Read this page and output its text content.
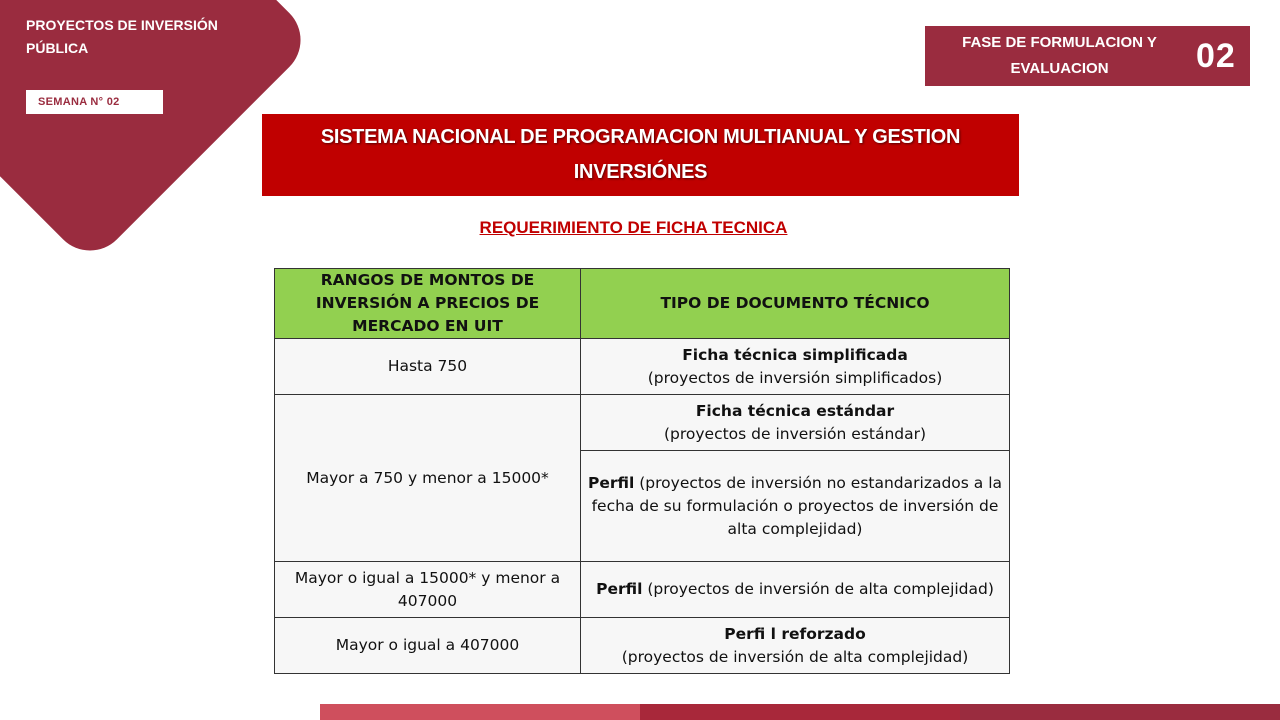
PROYECTOS DE INVERSIÓN PÚBLICA
SEMANA N° 02
FASE DE FORMULACION Y EVALUACION	02
SISTEMA NACIONAL DE PROGRAMACION MULTIANUAL Y GESTION INVERSIÓNES
REQUERIMIENTO DE FICHA TECNICA
RANGOS DE MONTOS DE INVERSIÓN A PRECIOS DE MERCADO EN UIT	TIPO DE DOCUMENTO TÉCNICO
Hasta 750	Ficha técnica simplificada
(proyectos de inversión simplificados)
Mayor a 750 y menor a 15000*	Ficha técnica estándar
(proyectos de inversión estándar)
	Perfil (proyectos de inversión no estandarizados a la fecha de su formulación o proyectos de inversión de alta complejidad)
Mayor o igual a 15000* y menor a 407000	Perfil (proyectos de inversión de alta complejidad)
Mayor o igual a 407000	Perfi l reforzado
(proyectos de inversión de alta complejidad)
